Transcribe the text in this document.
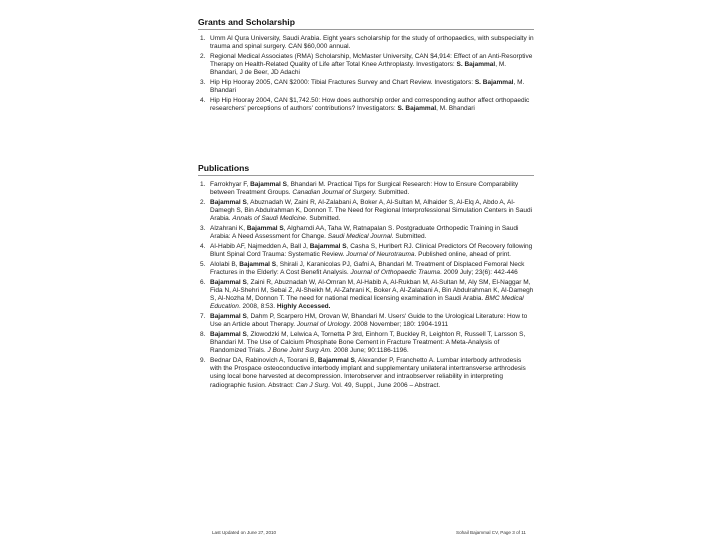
Grants and Scholarship
1. Umm Al Qura University, Saudi Arabia. Eight years scholarship for the study of orthopaedics, with subspecialty in trauma and spinal surgery. CAN $60,000 annual.
2. Regional Medical Associates (RMA) Scholarship, McMaster University, CAN $4,914: Effect of an Anti-Resorptive Therapy on Health-Related Quality of Life after Total Knee Arthroplasty. Investigators: S. Bajammal, M. Bhandari, J de Beer, JD Adachi
3. Hip Hip Hooray 2005, CAN $2000: Tibial Fractures Survey and Chart Review. Investigators: S. Bajammal, M. Bhandari
4. Hip Hip Hooray 2004, CAN $1,742.50: How does authorship order and corresponding author affect orthopaedic researchers' perceptions of authors' contributions? Investigators: S. Bajammal, M. Bhandari
Publications
1. Farrokhyar F, Bajammal S, Bhandari M. Practical Tips for Surgical Research: How to Ensure Comparability between Treatment Groups. Canadian Journal of Surgery. Submitted.
2. Bajammal S, Abuznadah W, Zaini R, Al-Zalabani A, Boker A, Al-Sultan M, Alhaider S, Al-Elq A, Abdo A, Al-Damegh S, Bin Abdulrahman K, Donnon T. The Need for Regional Interprofessional Simulation Centers in Saudi Arabia. Annals of Saudi Medicine. Submitted.
3. Alzahrani K, Bajammal S, Alghamdi AA, Taha W, Ratnapalan S. Postgraduate Orthopedic Training in Saudi Arabia: A Need Assessment for Change. Saudi Medical Journal. Submitted.
4. Al-Habib AF, Najmedden A, Ball J, Bajammal S, Casha S, Hurlbert RJ. Clinical Predictors Of Recovery following Blunt Spinal Cord Trauma: Systematic Review. Journal of Neurotrauma. Published online, ahead of print.
5. Alolabi B, Bajammal S, Shirali J, Karanicolas PJ, Gafni A, Bhandari M. Treatment of Displaced Femoral Neck Fractures in the Elderly: A Cost Benefit Analysis. Journal of Orthopaedic Trauma. 2009 July; 23(6): 442-446
6. Bajammal S, Zaini R, Abuznadah W, Al-Omran M, Al-Habib A, Al-Rukban M, Al-Sultan M, Aly SM, El-Naggar M, Fida N, Al-Shehri M, Sebai Z, Al-Sheikh M, Al-Zahrani K, Boker A, Al-Zalabani A, Bin Abdulrahman K, Al-Damegh S, Al-Nozha M, Donnon T. The need for national medical licensing examination in Saudi Arabia. BMC Medical Education. 2008, 8:53. Highly Accessed.
7. Bajammal S, Dahm P, Scarpero HM, Orovan W, Bhandari M. Users' Guide to the Urological Literature: How to Use an Article about Therapy. Journal of Urology. 2008 November; 180: 1904-1911
8. Bajammal S, Zlowodzki M, Lelwica A, Tornetta P 3rd, Einhorn T, Buckley R, Leighton R, Russell T, Larsson S, Bhandari M. The Use of Calcium Phosphate Bone Cement in Fracture Treatment: A Meta-Analysis of Randomized Trials. J Bone Joint Surg Am. 2008 June; 90:1186-1196.
9. Bednar DA, Rabinovich A, Toorani B, Bajammal S, Alexander P, Franchetto A. Lumbar interbody arthrodesis with the Prospace osteoconductive interbody implant and supplementary unilateral intertransverse arthrodesis using local bone harvested at decompression. Interobserver and intraobserver reliability in interpreting radiographic fusion. Abstract: Can J Surg. Vol. 49, Suppl., June 2006 – Abstract.
Last Updated on June 27, 2010	Sohail Bajammal CV, Page 3 of 11
